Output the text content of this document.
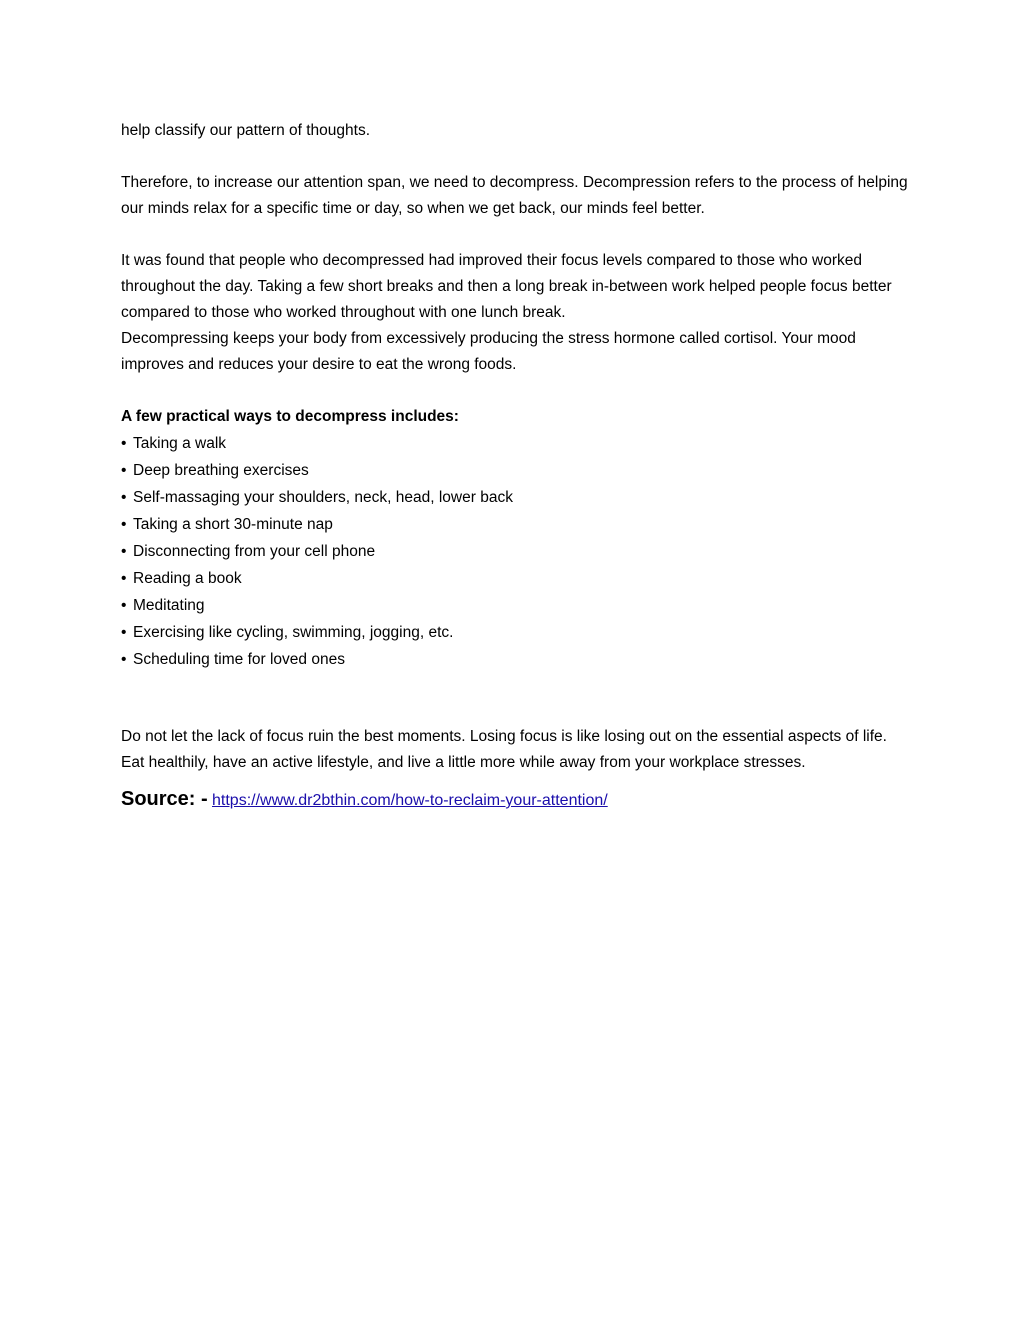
help classify our pattern of thoughts.

Therefore, to increase our attention span, we need to decompress. Decompression refers to the process of helping our minds relax for a specific time or day, so when we get back, our minds feel better.

It was found that people who decompressed had improved their focus levels compared to those who worked throughout the day. Taking a few short breaks and then a long break in-between work helped people focus better compared to those who worked throughout with one lunch break.

Decompressing keeps your body from excessively producing the stress hormone called cortisol. Your mood improves and reduces your desire to eat the wrong foods.

A few practical ways to decompress includes:

• Taking a walk
• Deep breathing exercises
• Self-massaging your shoulders, neck, head, lower back
• Taking a short 30-minute nap
• Disconnecting from your cell phone
• Reading a book
• Meditating
• Exercising like cycling, swimming, jogging, etc.
• Scheduling time for loved ones

Do not let the lack of focus ruin the best moments. Losing focus is like losing out on the essential aspects of life. Eat healthily, have an active lifestyle, and live a little more while away from your workplace stresses.

Source: - https://www.dr2bthin.com/how-to-reclaim-your-attention/
